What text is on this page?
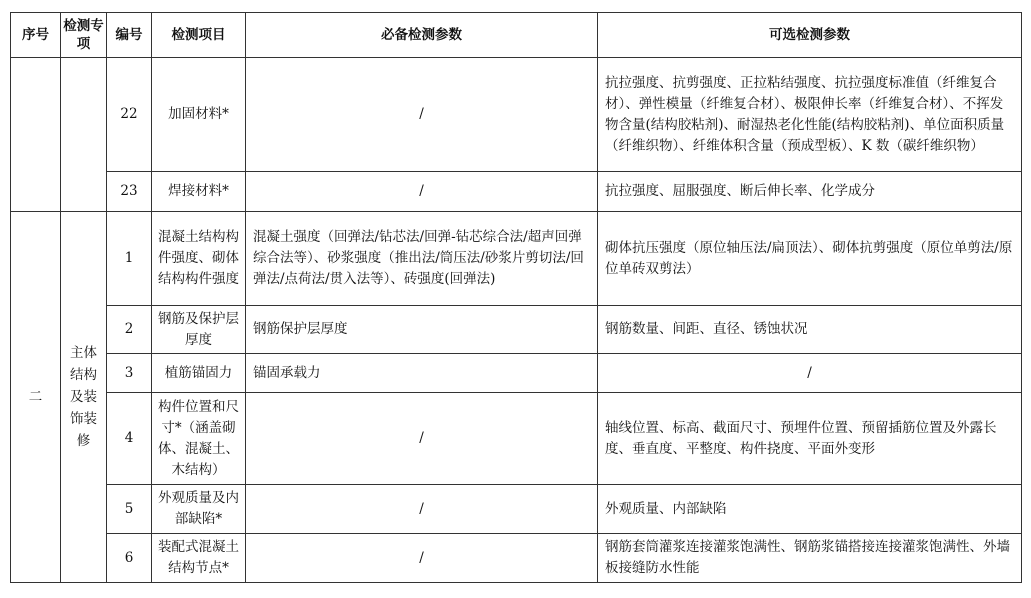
序号	检测专项	编号	检测项目	必备检测参数	可选检测参数
		22	加固材料*	/	抗拉强度、抗剪强度、正拉粘结强度、抗拉强度标准值（纤维复合材）、弹性模量（纤维复合材）、极限伸长率（纤维复合材）、不挥发物含量(结构胶粘剂)、耐湿热老化性能(结构胶粘剂)、单位面积质量（纤维织物）、纤维体积含量（预成型板）、K 数（碳纤维织物）
		23	焊接材料*	/	抗拉强度、屈服强度、断后伸长率、化学成分
二	主体结构及装饰装修	1	混凝土结构构件强度、砌体结构构件强度	混凝土强度（回弹法/钻芯法/回弹-钻芯综合法/超声回弹综合法等）、砂浆强度（推出法/筒压法/砂浆片剪切法/回弹法/点荷法/贯入法等）、砖强度(回弹法)	砌体抗压强度（原位轴压法/扁顶法）、砌体抗剪强度（原位单剪法/原位单砖双剪法）
		2	钢筋及保护层厚度	钢筋保护层厚度	钢筋数量、间距、直径、锈蚀状况
		3	植筋锚固力	锚固承载力	/
		4	构件位置和尺寸*（涵盖砌体、混凝土、木结构）	/	轴线位置、标高、截面尺寸、预埋件位置、预留插筋位置及外露长度、垂直度、平整度、构件挠度、平面外变形
		5	外观质量及内部缺陷*	/	外观质量、内部缺陷
		6	装配式混凝土结构节点*	/	钢筋套筒灌浆连接灌浆饱满性、钢筋浆锚搭接连接灌浆饱满性、外墙板接缝防水性能
